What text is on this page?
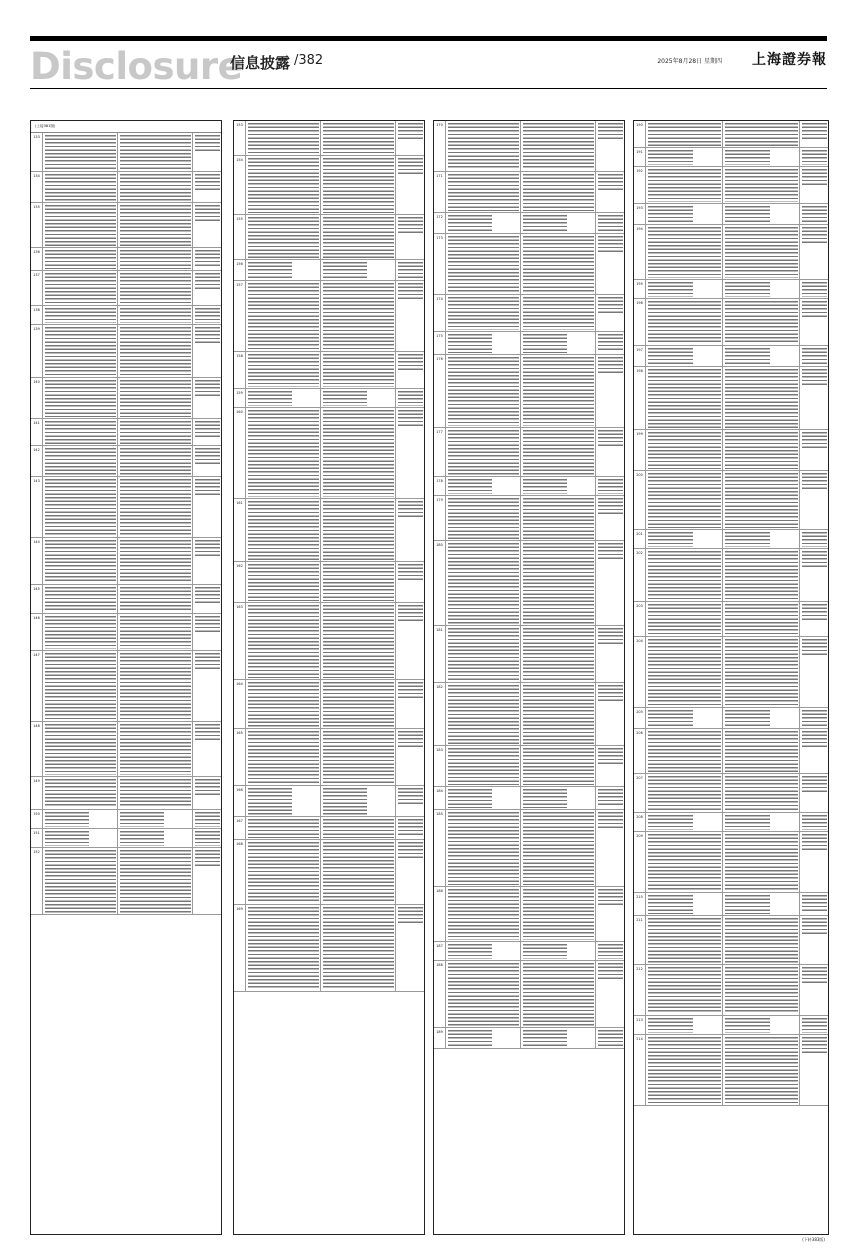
Disclosure
信息披露 /382	2025年8月28日 星期四 上海證券報
(上接381版)
133
134
135
136
137
138
139
140
141
142
143
144
145
146
147
148
149
150
151
152
153
154
155
156
157
158
159
160
161
162
163
164
165
166
167
168
169
170
171
172
173
174
175
176
177
178
179
180
181
182
183
184
185
186
187
188
189
190
191
192
193
194
195
196
197
198
199
200
201
202
203
204
205
206
207
208
209
210
211
212
213
214
(下转383版)
